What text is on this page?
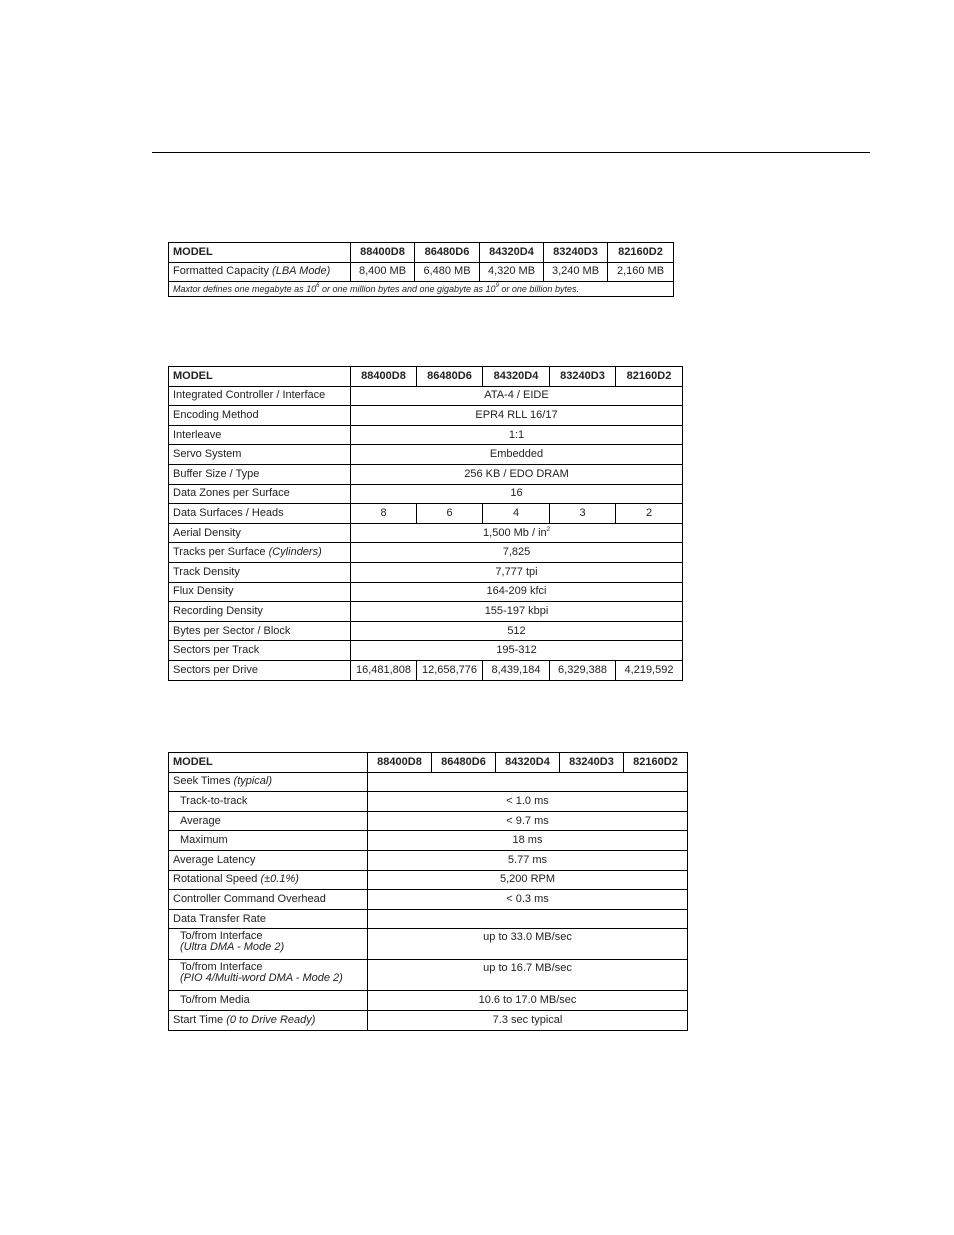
MODEL	88400D8	86480D6	84320D4	83240D3	82160D2
Formatted Capacity (LBA Mode)	8,400 MB	6,480 MB	4,320 MB	3,240 MB	2,160 MB
Maxtor defines one megabyte as $10^6$ or one million bytes and one gigabyte as $10^9$ or one billion bytes.					
MODEL	88400D8	86480D6	84320D4	83240D3	82160D2
Integrated Controller / Interface	ATA-4 / EIDE				
Encoding Method	EPR4 RLL 16/17				
Interleave	1:1				
Servo System	Embedded				
Buffer Size / Type	256 KB / EDO DRAM				
Data Zones per Surface	16				
Data Surfaces / Heads	8	6	4	3	2
Aerial Density	1,500 Mb / $in^2$
Tracks per Surface (Cylinders)	7,825				
Track Density	7,777 tpi				
Flux Density	164-209 kfci				
Recording Density	155-197 kbpi				
Bytes per Sector / Block	512				
Sectors per Track	195-312				
Sectors per Drive	16,481,808	12,658,776	8,439,184	6,329,388	4,219,592
MODEL	88400D8	86480D6	84320D4	83240D3	82160D2
Seek Times (typical)					
Track-to-track	< 1.0 ms				
Average	< 9.7 ms				
Maximum	18 ms				
Average Latency	5.77 ms				
Rotational Speed (±0.1%)	5,200 RPM				
Controller Command Overhead	< 0.3 ms				
Data Transfer Rate					
To/from Interface
(Ultra DMA - Mode 2)	up to 33.0 MB/sec				
To/from Interface
(PIO 4/Multi-word DMA - Mode 2)	up to 16.7 MB/sec				
To/from Media	10.6 to 17.0 MB/sec				
Start Time (0 to Drive Ready)	7.3 sec typical				
